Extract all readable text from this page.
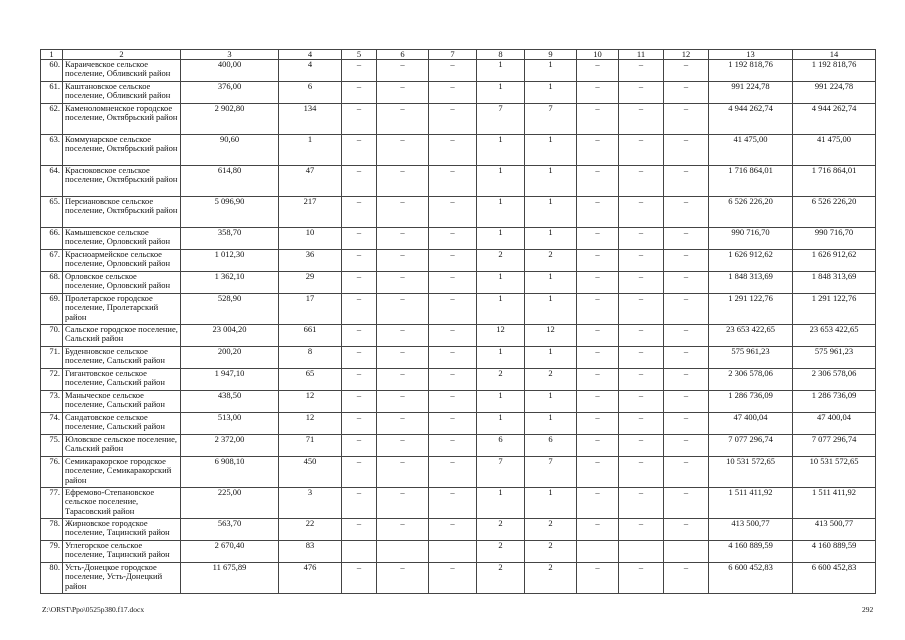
1	2	3	4	5	6	7	8	9	10	11	12	13	14
60.	Караичевское сельское поселение, Обливский район	400,00	4	–	–	–	1	1	–	–	–	1 192 818,76	1 192 818,76
61.	Каштановское сельское поселение, Обливский район	376,00	6	–	–	–	1	1	–	–	–	991 224,78	991 224,78
62.	Каменоломненское городское поселение, Октябрьский район	2 902,80	134	–	–	–	7	7	–	–	–	4 944 262,74	4 944 262,74
63.	Коммунарское сельское поселение, Октябрьский район	90,60	1	–	–	–	1	1	–	–	–	41 475,00	41 475,00
64.	Красюковское сельское поселение, Октябрьский район	614,80	47	–	–	–	1	1	–	–	–	1 716 864,01	1 716 864,01
65.	Персиановское сельское поселение, Октябрьский район	5 096,90	217	–	–	–	1	1	–	–	–	6 526 226,20	6 526 226,20
66.	Камышевское сельское поселение, Орловский район	358,70	10	–	–	–	1	1	–	–	–	990 716,70	990 716,70
67.	Красноармейское сельское поселение, Орловский район	1 012,30	36	–	–	–	2	2	–	–	–	1 626 912,62	1 626 912,62
68.	Орловское сельское поселение, Орловский район	1 362,10	29	–	–	–	1	1	–	–	–	1 848 313,69	1 848 313,69
69.	Пролетарское городское поселение, Пролетарский район	528,90	17	–	–	–	1	1	–	–	–	1 291 122,76	1 291 122,76
70.	Сальское городское поселение, Сальский район	23 004,20	661	–	–	–	12	12	–	–	–	23 653 422,65	23 653 422,65
71.	Буденновское сельское поселение, Сальский район	200,20	8	–	–	–	1	1	–	–	–	575 961,23	575 961,23
72.	Гигантовское сельское поселение, Сальский район	1 947,10	65	–	–	–	2	2	–	–	–	2 306 578,06	2 306 578,06
73.	Маныческое сельское поселение, Сальский район	438,50	12	–	–	–	1	1	–	–	–	1 286 736,09	1 286 736,09
74.	Сандатовское сельское поселение, Сальский район	513,00	12	–	–	–	1	1	–	–	–	47 400,04	47 400,04
75.	Юловское сельское поселение, Сальский район	2 372,00	71	–	–	–	6	6	–	–	–	7 077 296,74	7 077 296,74
76.	Семикаракорское городское поселение, Семикаракорский район	6 908,10	450	–	–	–	7	7	–	–	–	10 531 572,65	10 531 572,65
77.	Ефремово-Степановское сельское поселение, Тарасовский район	225,00	3	–	–	–	1	1	–	–	–	1 511 411,92	1 511 411,92
78.	Жирновское городское поселение, Тацинский район	563,70	22	–	–	–	2	2	–	–	–	413 500,77	413 500,77
79.	Углегорское сельское поселение, Тацинский район	2 670,40	83				2	2				4 160 889,59	4 160 889,59
80.	Усть-Донецкое городское поселение, Усть-Донецкий район	11 675,89	476	–	–	–	2	2	–	–	–	6 600 452,83	6 600 452,83
Z:\ORST\Ppo\0525p380.f17.docx	292
